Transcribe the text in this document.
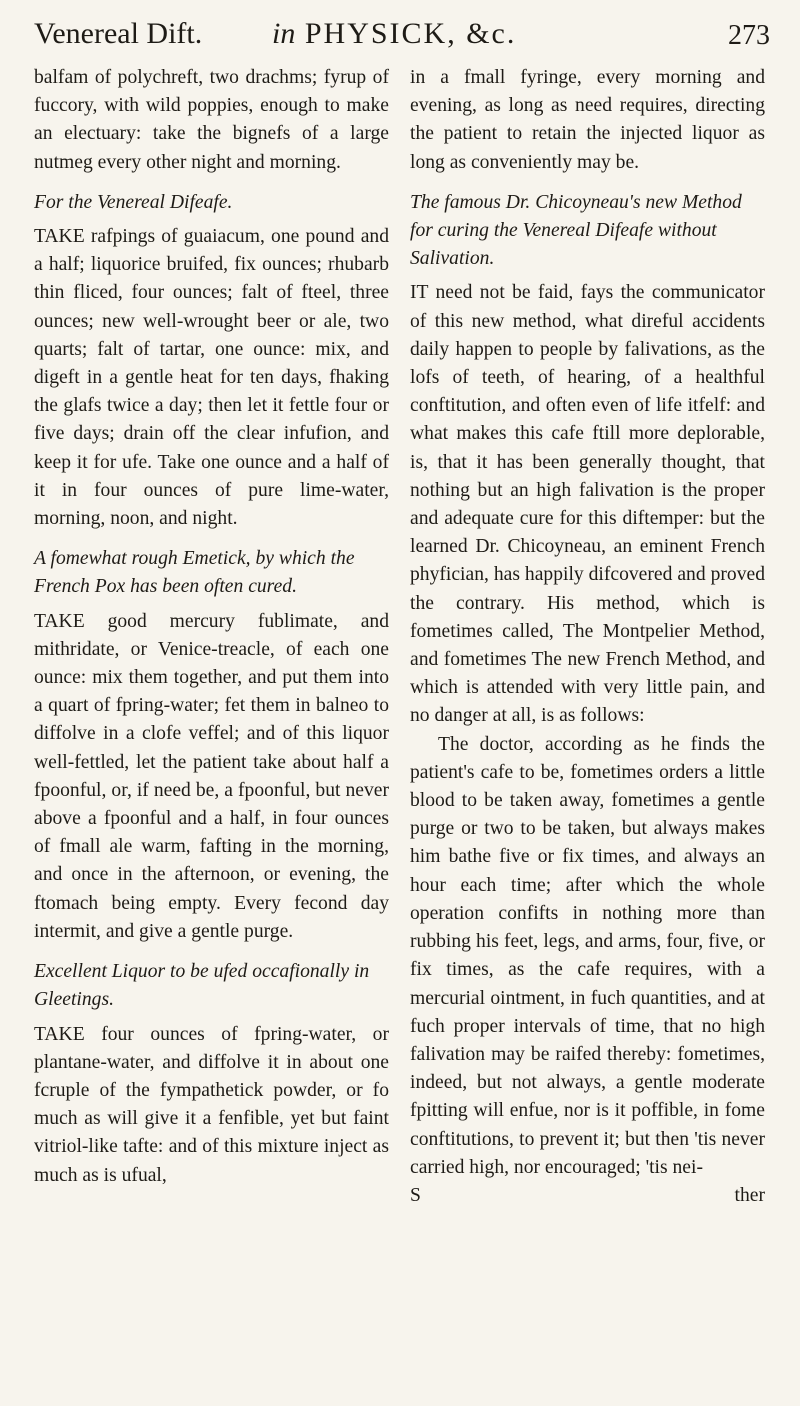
Venereal Dift. in PHYSICK, &c.	273

balfam of polychreft, two drachms; fyrup of fuccory, with wild poppies, enough to make an electuary: take the bignefs of a large nutmeg every other night and morning.

For the Venereal Difeafe.

TAKE rafpings of guaiacum, one pound and a half; liquorice bruifed, fix ounces; rhubarb thin fliced, four ounces; falt of fteel, three ounces; new well-wrought beer or ale, two quarts; falt of tartar, one ounce: mix, and digeft in a gentle heat for ten days, fhaking the glafs twice a day; then let it fettle four or five days; drain off the clear infufion, and keep it for ufe. Take one ounce and a half of it in four ounces of pure lime-water, morning, noon, and night.

A fomewhat rough Emetick, by which the French Pox has been often cured.

TAKE good mercury fublimate, and mithridate, or Venice-treacle, of each one ounce: mix them together, and put them into a quart of fpring-water; fet them in balneo to diffolve in a clofe veffel; and of this liquor well-fettled, let the patient take about half a fpoonful, or, if need be, a fpoonful, but never above a fpoonful and a half, in four ounces of fmall ale warm, fafting in the morning, and once in the afternoon, or evening, the ftomach being empty. Every fecond day intermit, and give a gentle purge.

Excellent Liquor to be ufed occafionally in Gleetings.

TAKE four ounces of fpring-water, or plantane-water, and diffolve it in about one fcruple of the fympathetick powder, or fo much as will give it a fenfible, yet but faint vitriol-like tafte: and of this mixture inject as much as is ufual,

in a fmall fyringe, every morning and evening, as long as need requires, directing the patient to retain the injected liquor as long as conveniently may be.

The famous Dr. Chicoyneau's new Method for curing the Venereal Difeafe without Salivation.

IT need not be faid, fays the communicator of this new method, what direful accidents daily happen to people by falivations, as the lofs of teeth, of hearing, of a healthful conftitution, and often even of life itfelf: and what makes this cafe ftill more deplorable, is, that it has been generally thought, that nothing but an high falivation is the proper and adequate cure for this diftemper: but the learned Dr. Chicoyneau, an eminent French phyfician, has happily difcovered and proved the contrary. His method, which is fometimes called, The Montpelier Method, and fometimes The new French Method, and which is attended with very little pain, and no danger at all, is as follows:

The doctor, according as he finds the patient's cafe to be, fometimes orders a little blood to be taken away, fometimes a gentle purge or two to be taken, but always makes him bathe five or fix times, and always an hour each time; after which the whole operation confifts in nothing more than rubbing his feet, legs, and arms, four, five, or fix times, as the cafe requires, with a mercurial ointment, in fuch quantities, and at fuch proper intervals of time, that no high falivation may be raifed thereby: fometimes, indeed, but not always, a gentle moderate fpitting will enfue, nor is it poffible, in fome conftitutions, to prevent it; but then 'tis never carried high, nor encouraged; 'tis nei-

S	ther
